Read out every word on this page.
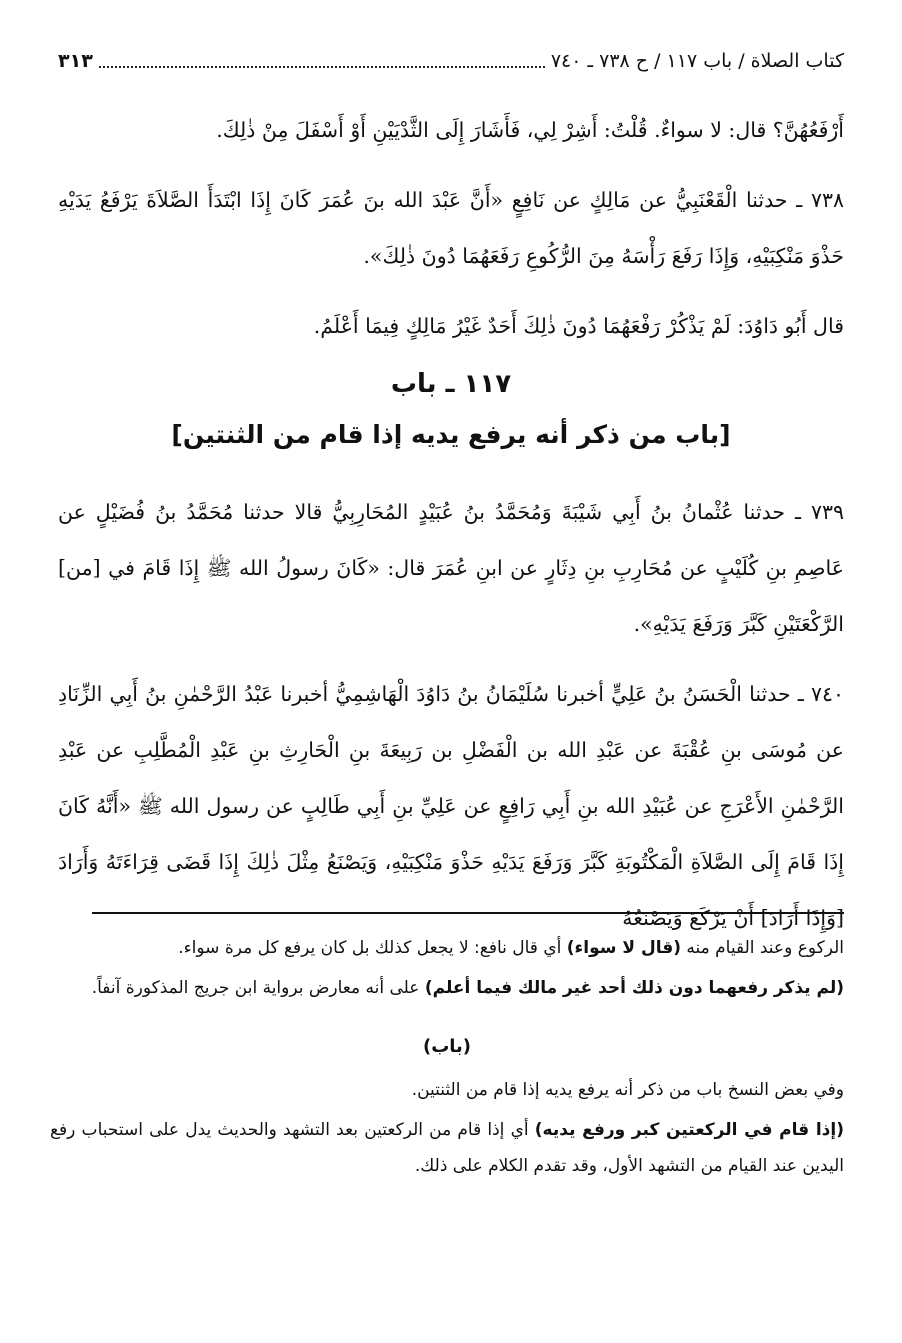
كتاب الصلاة / باب ١١٧ / ح ٧٣٨ ـ ٧٤٠
٣١٣

أَرْفَعُهُنَّ؟ قال: لا سواءٌ. قُلْتُ: أَشِرْ لِي، فَأَشَارَ إِلَى الثَّدْيَيْنِ أَوْ أَسْفَلَ مِنْ ذٰلِكَ.

٧٣٨ ـ حدثنا الْقَعْنَبِيُّ عن مَالِكٍ عن نَافِعٍ «أَنَّ عَبْدَ الله بنَ عُمَرَ كَانَ إِذَا ابْتَدَأَ الصَّلاَةَ يَرْفَعُ يَدَيْهِ حَذْوَ مَنْكِبَيْهِ، وَإِذَا رَفَعَ رَأْسَهُ مِنَ الرُّكُوعِ رَفَعَهُمَا دُونَ ذٰلِكَ».

قال أَبُو دَاوُدَ: لَمْ يَذْكُرْ رَفْعَهُمَا دُونَ ذٰلِكَ أَحَدٌ غَيْرُ مَالِكٍ فِيمَا أَعْلَمُ.

١١٧ ـ باب
[باب من ذكر أنه يرفع يديه إذا قام من الثنتين]

٧٣٩ ـ حدثنا عُثْمانُ بنُ أَبِي شَيْبَةَ وَمُحَمَّدُ بنُ عُبَيْدٍ المُحَارِبِيُّ قالا حدثنا مُحَمَّدُ بنُ فُضَيْلٍ عن عَاصِمِ بنِ كُلَيْبٍ عن مُحَارِبِ بنِ دِثَارٍ عن ابنِ عُمَرَ قال: «كَانَ رسولُ الله ﷺ إِذَا قَامَ في [من] الرَّكْعَتَيْنِ كَبَّرَ وَرَفَعَ يَدَيْهِ».

٧٤٠ ـ حدثنا الْحَسَنُ بنُ عَلِيٍّ أخبرنا سُلَيْمَانُ بنُ دَاوُدَ الْهَاشِمِيُّ أخبرنا عَبْدُ الرَّحْمٰنِ بنُ أَبِي الزِّنَادِ عن مُوسَى بنِ عُقْبَةَ عن عَبْدِ الله بن الْفَضْلِ بن رَبِيعَةَ بنِ الْحَارِثِ بنِ عَبْدِ الْمُطَّلِبِ عن عَبْدِ الرَّحْمٰنِ الأَعْرَجِ عن عُبَيْدِ الله بنِ أَبِي رَافِعٍ عن عَلِيِّ بنِ أَبِي طَالِبٍ عن رسول الله ﷺ «أَنَّهُ كَانَ إِذَا قَامَ إِلَى الصَّلاَةِ الْمَكْتُوبَةِ كَبَّرَ وَرَفَعَ يَدَيْهِ حَذْوَ مَنْكِبَيْهِ، وَيَصْنَعُ مِثْلَ ذٰلِكَ إِذَا قَضَى قِرَاءَتَهُ وَأَرَادَ [وَإِذَا أَرَادَ] أَنْ يَرْكَعَ وَيَصْنَعُهُ

الركوع وعند القيام منه (قال لا سواء) أي قال نافع: لا يجعل كذلك بل كان يرفع كل مرة سواء.

(لم يذكر رفعهما دون ذلك أحد غير مالك فيما أعلم) على أنه معارض برواية ابن جريج المذكورة آنفاً.

(باب)

وفي بعض النسخ باب من ذكر أنه يرفع يديه إذا قام من الثنتين.

(إذا قام في الركعتين كبر ورفع يديه) أي إذا قام من الركعتين بعد التشهد والحديث يدل على استحباب رفع اليدين عند القيام من التشهد الأول، وقد تقدم الكلام على ذلك.
